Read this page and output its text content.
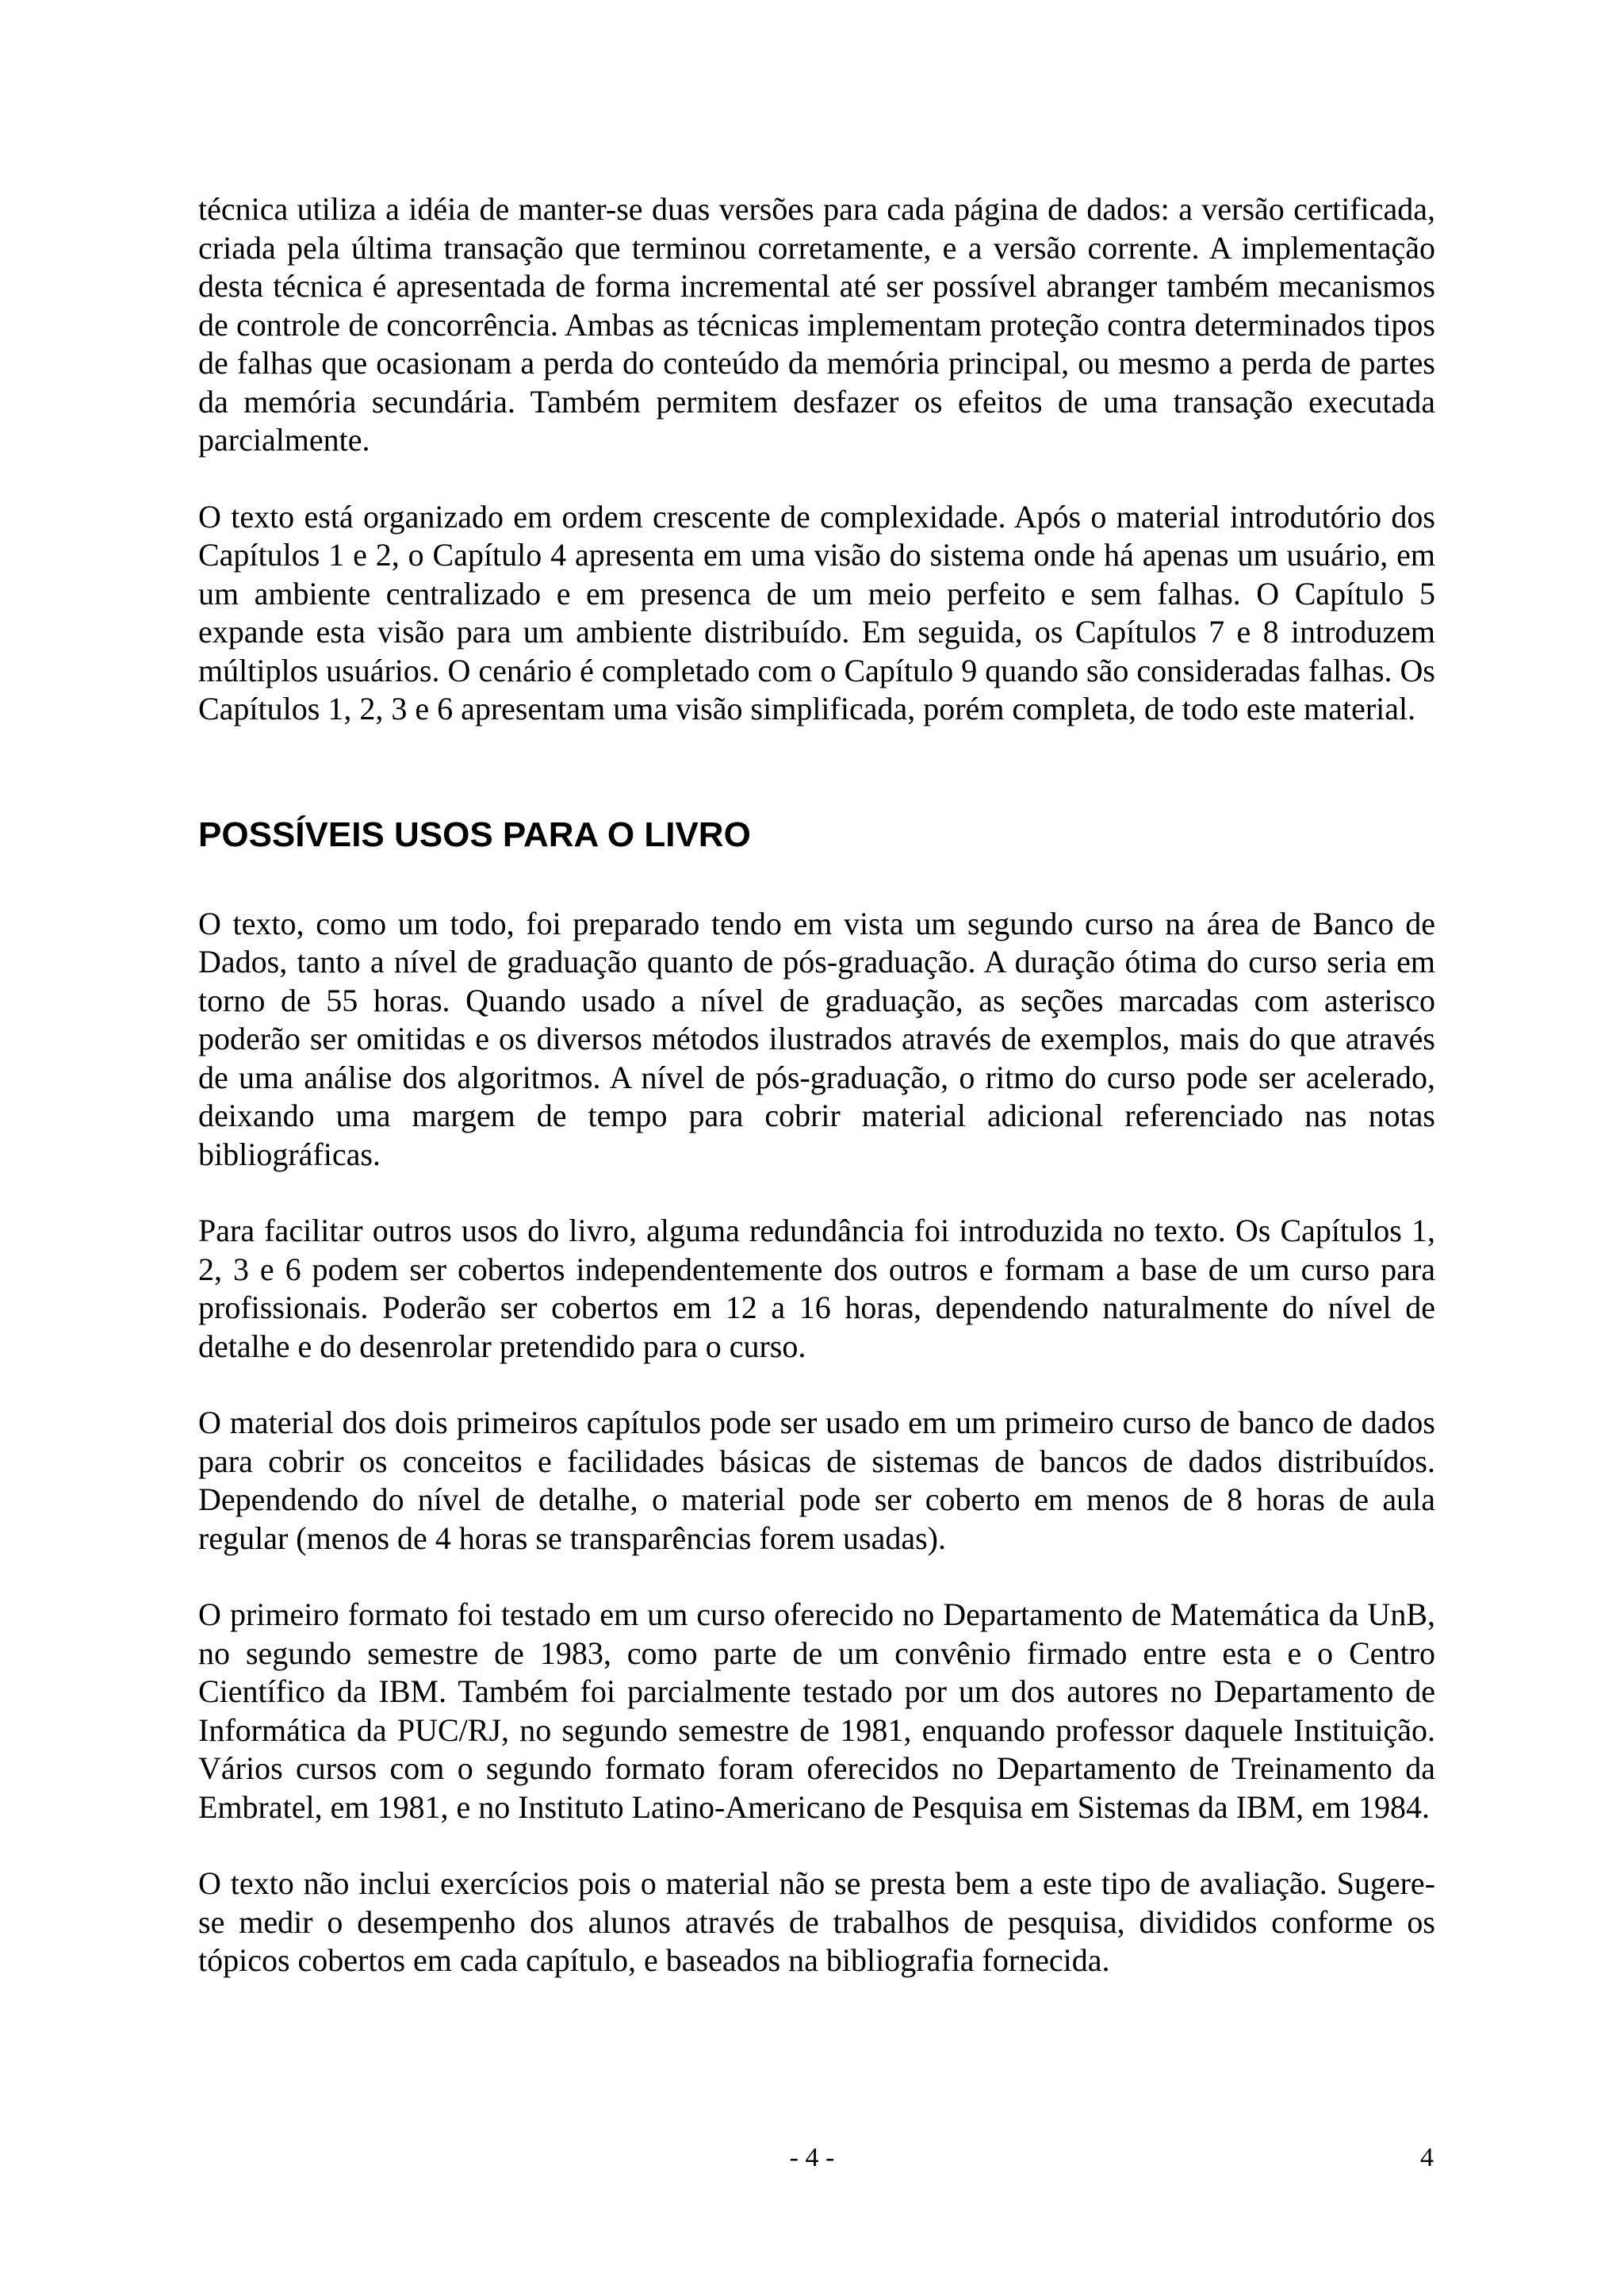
técnica utiliza a idéia de manter-se duas versões para cada página de dados: a versão certificada, criada pela última transação que terminou corretamente, e a versão corrente. A implementação desta técnica é apresentada de forma incremental até ser possível abranger também mecanismos de controle de concorrência. Ambas as técnicas implementam proteção contra determinados tipos de falhas que ocasionam a perda do conteúdo da memória principal, ou mesmo a perda de partes da memória secundária. Também permitem desfazer os efeitos de uma transação executada parcialmente.

O texto está organizado em ordem crescente de complexidade. Após o material introdutório dos Capítulos 1 e 2, o Capítulo 4 apresenta em uma visão do sistema onde há apenas um usuário, em um ambiente centralizado e em presenca de um meio perfeito e sem falhas. O Capítulo 5 expande esta visão para um ambiente distribuído. Em seguida, os Capítulos 7 e 8 introduzem múltiplos usuários. O cenário é completado com o Capítulo 9 quando são consideradas falhas. Os Capítulos 1, 2, 3 e 6 apresentam uma visão simplificada, porém completa, de todo este material.

POSSÍVEIS USOS PARA O LIVRO

O texto, como um todo, foi preparado tendo em vista um segundo curso na área de Banco de Dados, tanto a nível de graduação quanto de pós-graduação. A duração ótima do curso seria em torno de 55 horas. Quando usado a nível de graduação, as seções marcadas com asterisco poderão ser omitidas e os diversos métodos ilustrados através de exemplos, mais do que através de uma análise dos algoritmos. A nível de pós-graduação, o ritmo do curso pode ser acelerado, deixando uma margem de tempo para cobrir material adicional referenciado nas notas bibliográficas.

Para facilitar outros usos do livro, alguma redundância foi introduzida no texto. Os Capítulos 1, 2, 3 e 6 podem ser cobertos independentemente dos outros e formam a base de um curso para profissionais. Poderão ser cobertos em 12 a 16 horas, dependendo naturalmente do nível de detalhe e do desenrolar pretendido para o curso.

O material dos dois primeiros capítulos pode ser usado em um primeiro curso de banco de dados para cobrir os conceitos e facilidades básicas de sistemas de bancos de dados distribuídos. Dependendo do nível de detalhe, o material pode ser coberto em menos de 8 horas de aula regular (menos de 4 horas se transparências forem usadas).

O primeiro formato foi testado em um curso oferecido no Departamento de Matemática da UnB, no segundo semestre de 1983, como parte de um convênio firmado entre esta e o Centro Científico da IBM. Também foi parcialmente testado por um dos autores no Departamento de Informática da PUC/RJ, no segundo semestre de 1981, enquando professor daquele Instituição. Vários cursos com o segundo formato foram oferecidos no Departamento de Treinamento da Embratel, em 1981, e no Instituto Latino-Americano de Pesquisa em Sistemas da IBM, em 1984.

O texto não inclui exercícios pois o material não se presta bem a este tipo de avaliação. Sugere-se medir o desempenho dos alunos através de trabalhos de pesquisa, divididos conforme os tópicos cobertos em cada capítulo, e baseados na bibliografia fornecida.

- 4 -	4
